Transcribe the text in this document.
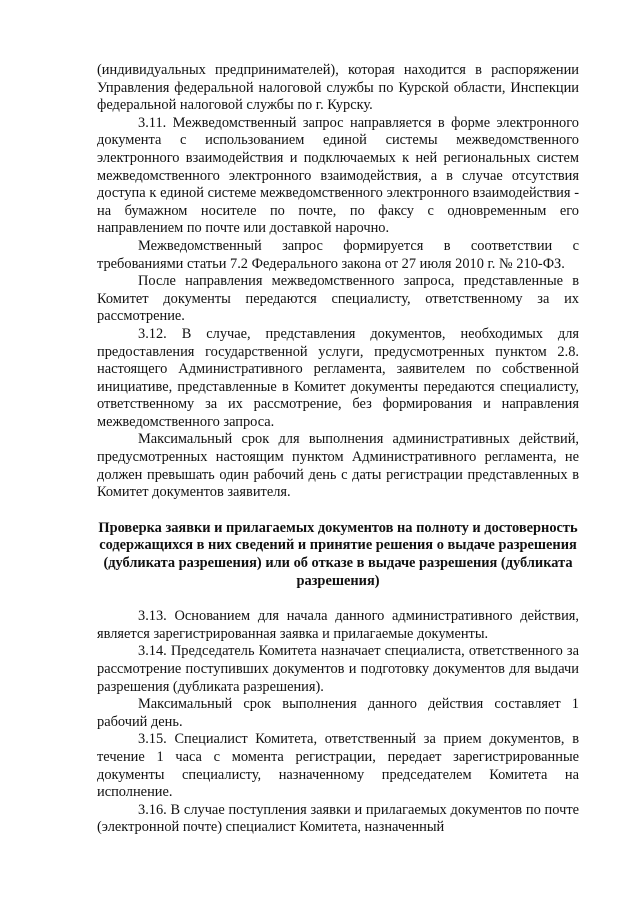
(индивидуальных предпринимателей), которая находится в распоряжении Управления федеральной налоговой службы по Курской области, Инспекции федеральной налоговой службы по г. Курску.

3.11. Межведомственный запрос направляется в форме электронного документа с использованием единой системы межведомственного электронного взаимодействия и подключаемых к ней региональных систем межведомственного электронного взаимодействия, а в случае отсутствия доступа к единой системе межведомственного электронного взаимодействия - на бумажном носителе по почте, по факсу с одновременным его направлением по почте или доставкой нарочно.

Межведомственный запрос формируется в соответствии с требованиями статьи 7.2 Федерального закона от 27 июля 2010 г. № 210-ФЗ.

После направления межведомственного запроса, представленные в Комитет документы передаются специалисту, ответственному за их рассмотрение.

3.12. В случае, представления документов, необходимых для предоставления государственной услуги, предусмотренных пунктом 2.8. настоящего Административного регламента, заявителем по собственной инициативе, представленные в Комитет документы передаются специалисту, ответственному за их рассмотрение, без формирования и направления межведомственного запроса.

Максимальный срок для выполнения административных действий, предусмотренных настоящим пунктом Административного регламента, не должен превышать один рабочий день с даты регистрации представленных в Комитет документов заявителя.

Проверка заявки и прилагаемых документов на полноту и достоверность содержащихся в них сведений и принятие решения о выдаче разрешения (дубликата разрешения) или об отказе в выдаче разрешения (дубликата разрешения)

3.13. Основанием для начала данного административного действия, является зарегистрированная заявка и прилагаемые документы.

3.14. Председатель Комитета назначает специалиста, ответственного за рассмотрение поступивших документов и подготовку документов для выдачи разрешения (дубликата разрешения).

Максимальный срок выполнения данного действия составляет 1 рабочий день.

3.15. Специалист Комитета, ответственный за прием документов, в течение 1 часа с момента регистрации, передает зарегистрированные документы специалисту, назначенному председателем Комитета на исполнение.

3.16. В случае поступления заявки и прилагаемых документов по почте (электронной почте) специалист Комитета, назначенный
